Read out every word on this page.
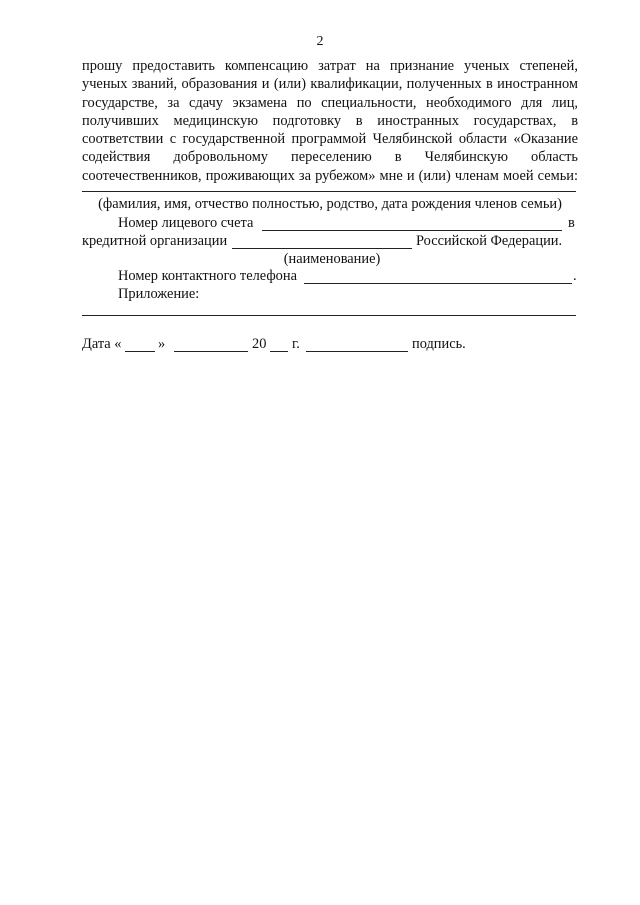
2
прошу предоставить компенсацию затрат на признание ученых степеней,
ученых званий, образования и (или) квалификации, полученных в иностранном
государстве, за сдачу экзамена по специальности, необходимого для лиц,
получивших медицинскую подготовку в иностранных государствах, в
соответствии с государственной программой Челябинской области «Оказание
содействия добровольному переселению в Челябинскую область
соотечественников, проживающих за рубежом» мне и (или) членам моей семьи:
(фамилия, имя, отчество полностью, родство, дата рождения членов семьи)
Номер лицевого счета	в
кредитной организации	Российской Федерации.
(наименование)
Номер контактного телефона	.
Приложение:
Дата «	»	20 г.	подпись.
